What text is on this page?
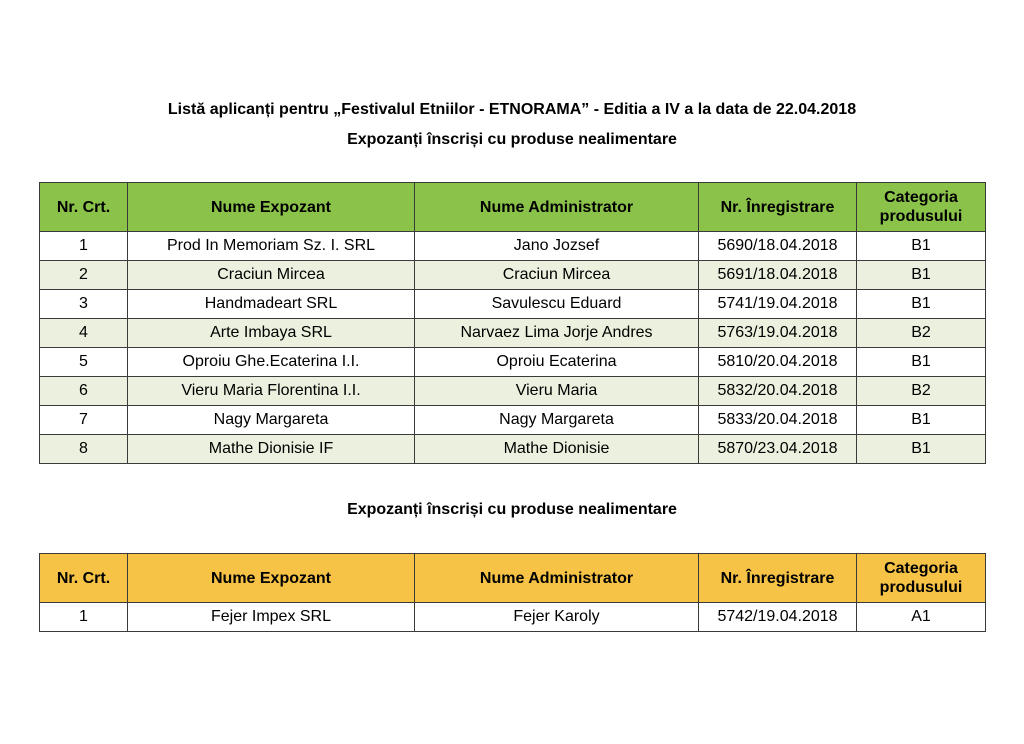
Listă aplicanți pentru „Festivalul Etniilor - ETNORAMA” - Editia a IV a la data de 22.04.2018
Expozanți înscriși cu produse nealimentare
Nr. Crt.	Nume Expozant	Nume Administrator	Nr. Înregistrare	Categoria produsului
1	Prod In Memoriam Sz. I. SRL	Jano Jozsef	5690/18.04.2018	B1
2	Craciun Mircea	Craciun Mircea	5691/18.04.2018	B1
3	Handmadeart SRL	Savulescu Eduard	5741/19.04.2018	B1
4	Arte Imbaya SRL	Narvaez Lima Jorje Andres	5763/19.04.2018	B2
5	Oproiu Ghe.Ecaterina I.I.	Oproiu Ecaterina	5810/20.04.2018	B1
6	Vieru Maria Florentina I.I.	Vieru Maria	5832/20.04.2018	B2
7	Nagy Margareta	Nagy Margareta	5833/20.04.2018	B1
8	Mathe Dionisie IF	Mathe Dionisie	5870/23.04.2018	B1
Expozanți înscriși cu produse nealimentare
Nr. Crt.	Nume Expozant	Nume Administrator	Nr. Înregistrare	Categoria produsului
1	Fejer Impex SRL	Fejer Karoly	5742/19.04.2018	A1
